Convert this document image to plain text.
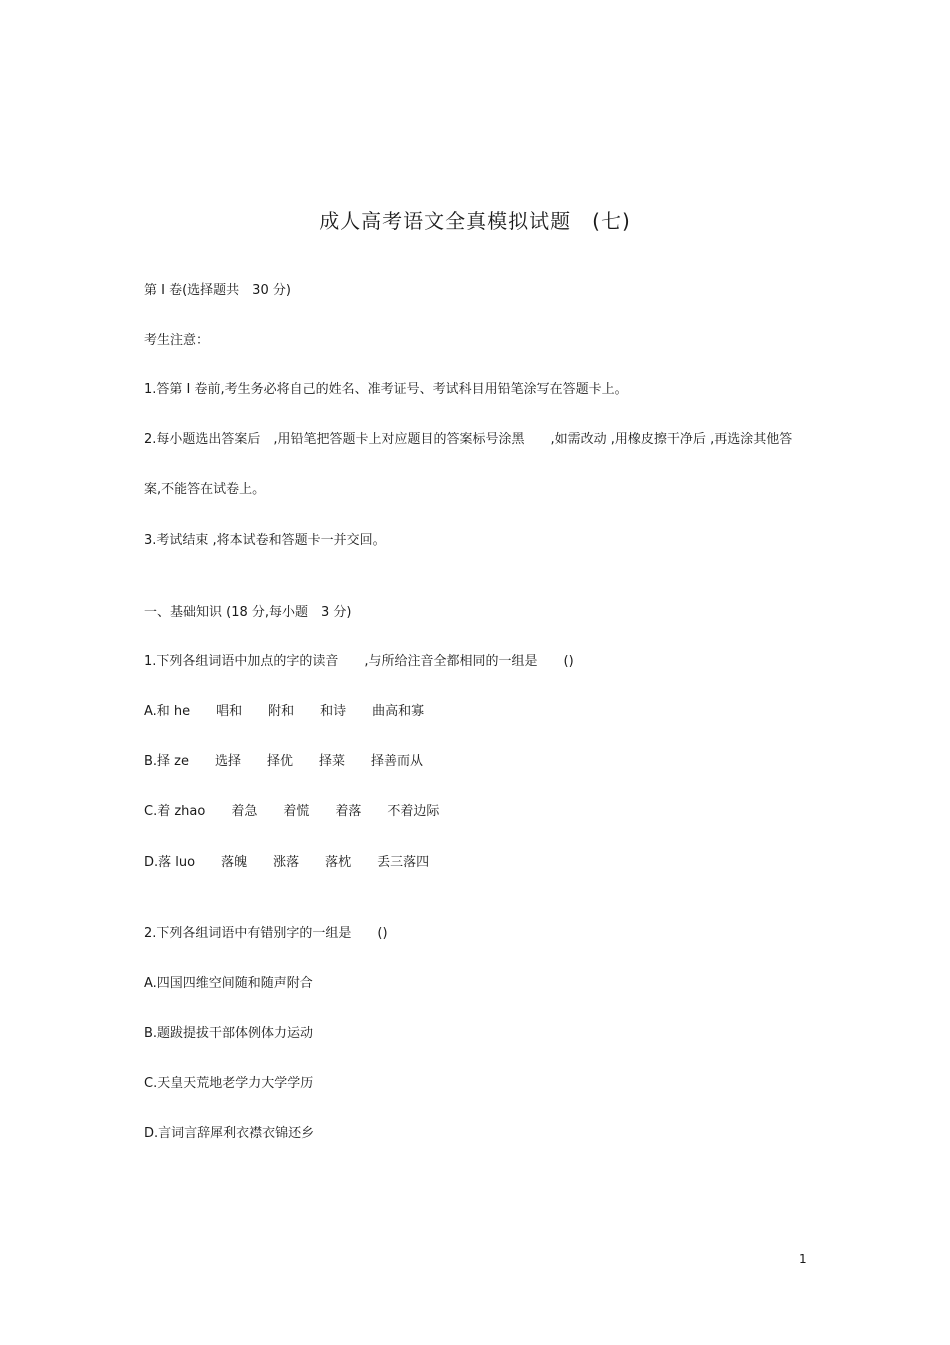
成人高考语文全真模拟试题　(七)
第 I 卷(选择题共　30 分)
考生注意：
1.答第 I 卷前,考生务必将自己的姓名、准考证号、考试科目用铅笔涂写在答题卡上。
2.每小题选出答案后　,用铅笔把答题卡上对应题目的答案标号涂黑　　,如需改动 ,用橡皮擦干净后 ,再选涂其他答
案,不能答在试卷上。
3.考试结束 ,将本试卷和答题卡一并交回。
一、基础知识 (18 分,每小题　3 分)
1.下列各组词语中加点的字的读音　　,与所给注音全都相同的一组是　　()
A.和 he　　唱和　　附和　　和诗　　曲高和寡
B.择 ze　　选择　　择优　　择菜　　择善而从
C.着 zhao　　着急　　着慌　　着落　　不着边际
D.落 luo　　落魄　　涨落　　落枕　　丢三落四
2.下列各组词语中有错别字的一组是　　()
A.四国四维空间随和随声附合
B.题跋提拔干部体例体力运动
C.天皇天荒地老学力大学学历
D.言词言辞犀利衣襟衣锦还乡
1
